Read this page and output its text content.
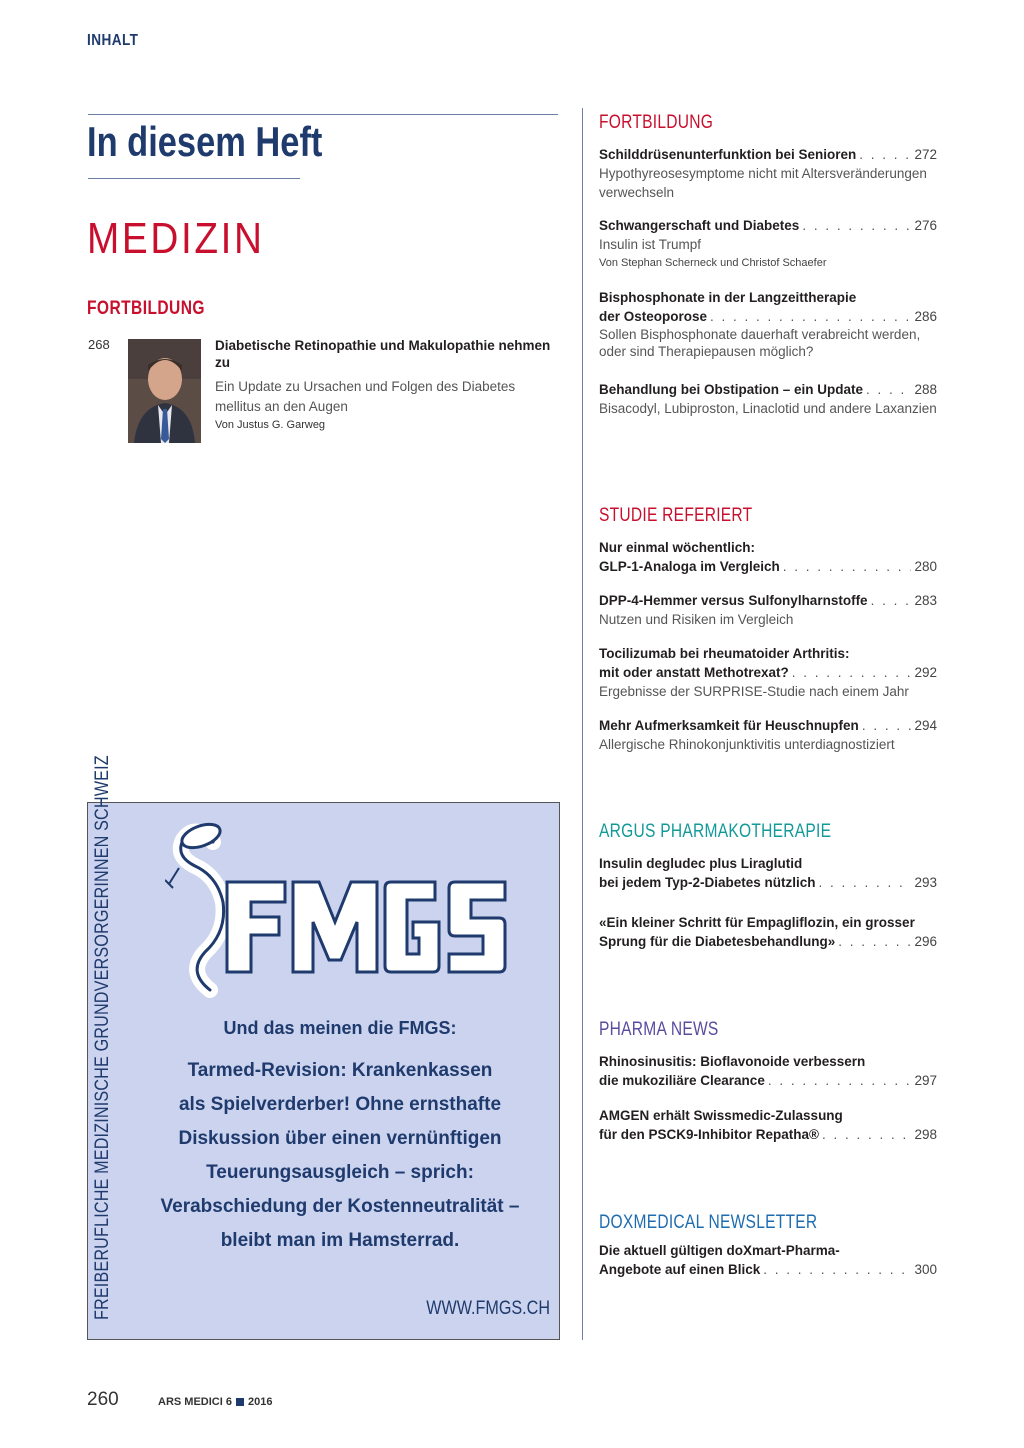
INHALT
In diesem Heft
MEDIZIN
FORTBILDUNG
268	Diabetische Retinopathie und Makulopathie nehmen zu
Ein Update zu Ursachen und Folgen des Diabetes mellitus an den Augen
Von Justus G. Garweg
FORTBILDUNG
Schilddrüsenunterfunktion bei Senioren . . .	272
Hypothyreosesymptome nicht mit Altersveränderungen verwechseln
Schwangerschaft und Diabetes . . .	276
Insulin ist Trumpf
Von Stephan Scherneck und Christof Schaefer
Bisphosphonate in der Langzeittherapie
der Osteoporose . . .	286
Sollen Bisphosphonate dauerhaft verabreicht werden, oder sind Therapiepausen möglich?
Behandlung bei Obstipation – ein Update . . .	288
Bisacodyl, Lubiproston, Linaclotid und andere Laxanzien
STUDIE REFERIERT
Nur einmal wöchentlich:
GLP-1-Analoga im Vergleich . . .	280
DPP-4-Hemmer versus Sulfonylharnstoffe . . .	283
Nutzen und Risiken im Vergleich
Tocilizumab bei rheumatoider Arthritis:
mit oder anstatt Methotrexat? . . .	292
Ergebnisse der SURPRISE-Studie nach einem Jahr
Mehr Aufmerksamkeit für Heuschnupfen . . .	294
Allergische Rhinokonjunktivitis unterdiagnostiziert
ARGUS PHARMAKOTHERAPIE
Insulin degludec plus Liraglutid
bei jedem Typ-2-Diabetes nützlich . . .	293
«Ein kleiner Schritt für Empagliflozin, ein grosser
Sprung für die Diabetesbehandlung» . . .	296
PHARMA NEWS
Rhinosinusitis: Bioflavonoide verbessern
die mukoziliäre Clearance . . .	297
AMGEN erhält Swissmedic-Zulassung
für den PSCK9-Inhibitor Repatha® . . .	298
DOXMEDICAL NEWSLETTER
Die aktuell gültigen doXmart-Pharma-
Angebote auf einen Blick . . .	300
FREIBERUFLICHE MEDIZINISCHE GRUNDVERSORGERINNEN SCHWEIZ	Und das meinen die FMGS:
Tarmed-Revision: Krankenkassen
als Spielverderber! Ohne ernsthafte
Diskussion über einen vernünftigen
Teuerungsausgleich – sprich:
Verabschiedung der Kostenneutralität –
bleibt man im Hamsterrad.
WWW.FMGS.CH
260	ARS MEDICI 6 2016
